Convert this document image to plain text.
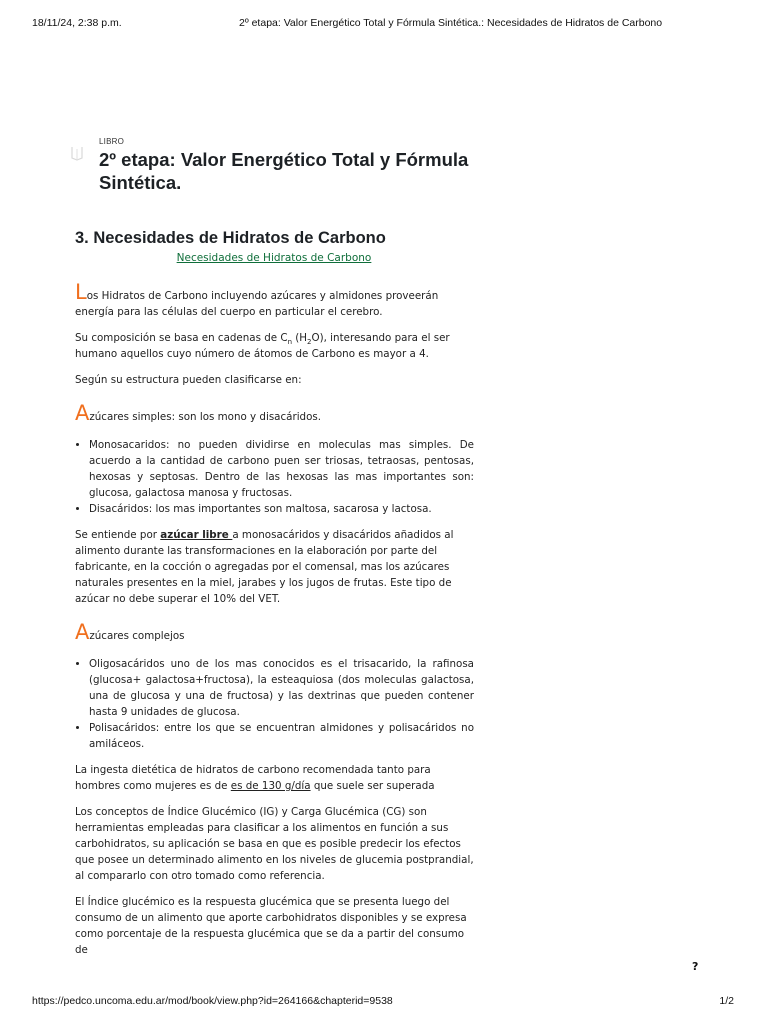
18/11/24, 2:38 p.m.	2º etapa: Valor Energético Total y Fórmula Sintética.: Necesidades de Hidratos de Carbono
LIBRO
2º etapa: Valor Energético Total y Fórmula Sintética.
3. Necesidades de Hidratos de Carbono
Necesidades de Hidratos de Carbono

Los Hidratos de Carbono incluyendo azúcares y almidones proveerán energía para las células del cuerpo en particular el cerebro.

Su composición se basa en cadenas de $C_n$ $(H_2O)$, interesando para el ser humano aquellos cuyo número de átomos de Carbono es mayor a 4.

Según su estructura pueden clasificarse en:

Azúcares simples: son los mono y disacáridos.

• Monosacaridos: no pueden dividirse en moleculas mas simples. De acuerdo a la cantidad de carbono puen ser triosas, tetraosas, pentosas, hexosas y septosas. Dentro de las hexosas las mas importantes son: glucosa, galactosa manosa y fructosas.
• Disacáridos: los mas importantes son maltosa, sacarosa y lactosa.

Se entiende por azúcar libre a monosacáridos y disacáridos añadidos al alimento durante las transformaciones en la elaboración por parte del fabricante, en la cocción o agregadas por el comensal, mas los azúcares naturales presentes en la miel, jarabes y los jugos de frutas. Este tipo de azúcar no debe superar el 10% del VET.

Azúcares complejos

• Oligosacáridos uno de los mas conocidos es el trisacarido, la rafinosa (glucosa+ galactosa+fructosa), la esteaquiosa (dos moleculas galactosa, una de glucosa y una de fructosa) y las dextrinas que pueden contener hasta 9 unidades de glucosa.
• Polisacáridos: entre los que se encuentran almidones y polisacáridos no amiláceos.

La ingesta dietética de hidratos de carbono recomendada tanto para hombres como mujeres es de es de 130 g/día que suele ser superada

Los conceptos de Índice Glucémico (IG) y Carga Glucémica (CG) son herramientas empleadas para clasificar a los alimentos en función a sus carbohidratos, su aplicación se basa en que es posible predecir los efectos que posee un determinado alimento en los niveles de glucemia postprandial, al compararlo con otro tomado como referencia.

El Índice glucémico es la respuesta glucémica que se presenta luego del consumo de un alimento que aporte carbohidratos disponibles y se expresa como porcentaje de la respuesta glucémica que se da a partir del consumo de

?
https://pedco.uncoma.edu.ar/mod/book/view.php?id=264166&chapterid=9538	1/2
